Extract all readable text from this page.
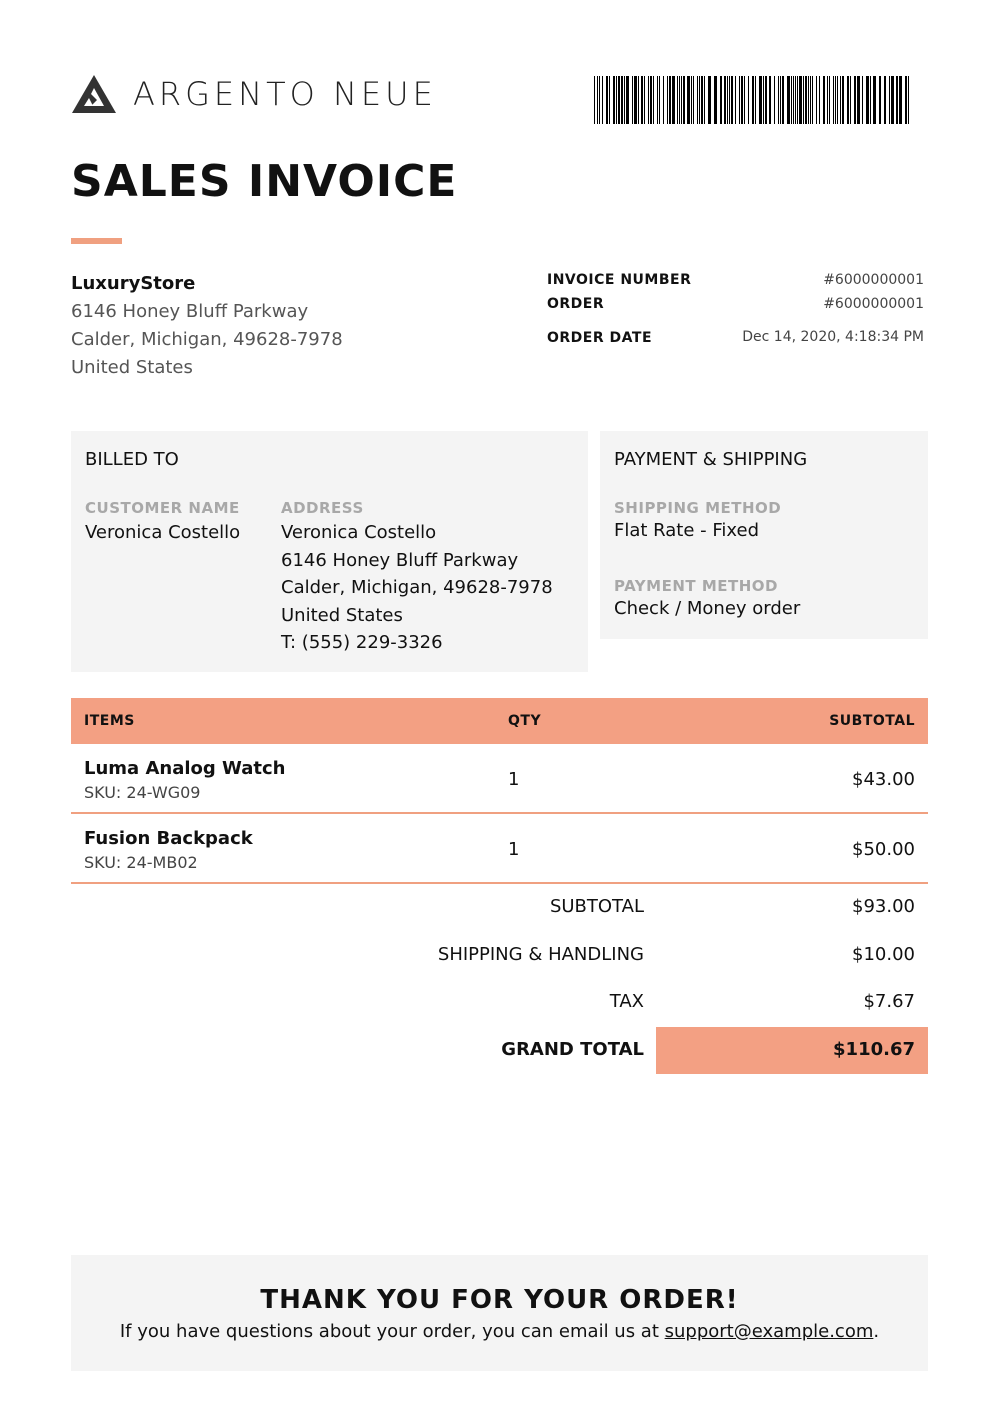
ARGENTO NEUE
SALES INVOICE
LuxuryStore
6146 Honey Bluff Parkway
Calder, Michigan, 49628-7978
United States
INVOICE NUMBER	#6000000001
ORDER	#6000000001
ORDER DATE	Dec 14, 2020, 4:18:34 PM
BILLED TO
CUSTOMER NAME
Veronica Costello
ADDRESS
Veronica Costello
6146 Honey Bluff Parkway
Calder, Michigan, 49628-7978
United States
T: (555) 229-3326
PAYMENT & SHIPPING
SHIPPING METHOD
Flat Rate - Fixed
PAYMENT METHOD
Check / Money order
ITEMS	QTY	SUBTOTAL
Luma Analog Watch
SKU: 24-WG09
1	$43.00
Fusion Backpack
SKU: 24-MB02
1	$50.00
SUBTOTAL	$93.00
SHIPPING & HANDLING	$10.00
TAX	$7.67
GRAND TOTAL	$110.67
THANK YOU FOR YOUR ORDER!
If you have questions about your order, you can email us at support@example.com.
